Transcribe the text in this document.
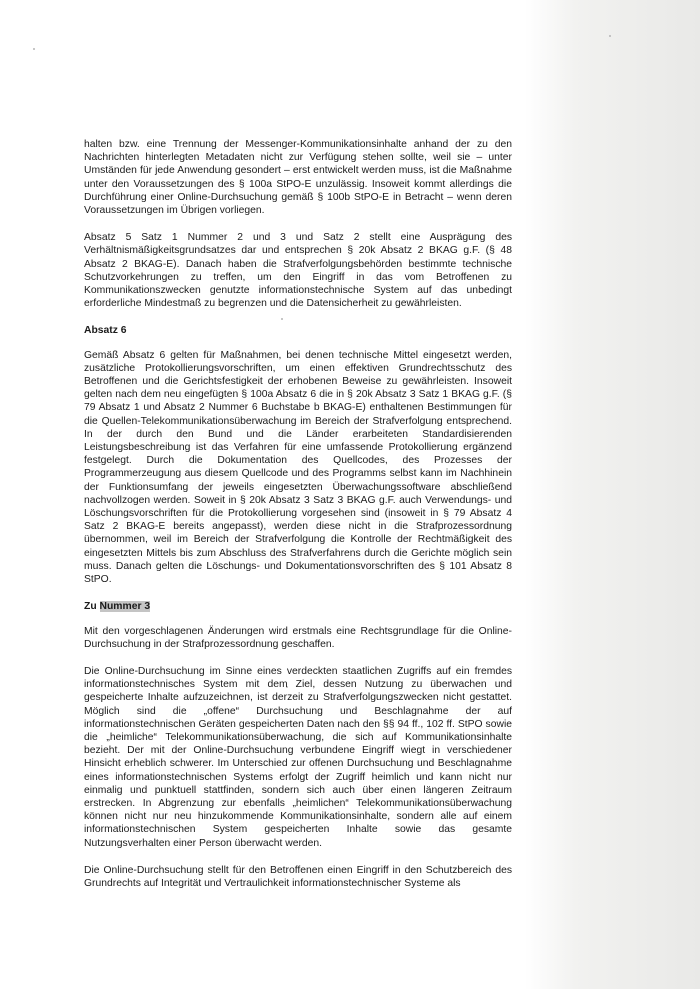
halten bzw. eine Trennung der Messenger-Kommunikationsinhalte anhand der zu den Nachrichten hinterlegten Metadaten nicht zur Verfügung stehen sollte, weil sie – unter Umständen für jede Anwendung gesondert – erst entwickelt werden muss, ist die Maßnahme unter den Voraussetzungen des § 100a StPO-E unzulässig. Insoweit kommt allerdings die Durchführung einer Online-Durchsuchung gemäß § 100b StPO-E in Betracht – wenn deren Voraussetzungen im Übrigen vorliegen.

Absatz 5 Satz 1 Nummer 2 und 3 und Satz 2 stellt eine Ausprägung des Verhältnismäßigkeitsgrundsatzes dar und entsprechen § 20k Absatz 2 BKAG g.F. (§ 48 Absatz 2 BKAG-E). Danach haben die Strafverfolgungsbehörden bestimmte technische Schutzvorkehrungen zu treffen, um den Eingriff in das vom Betroffenen zu Kommunikationszwecken genutzte informationstechnische System auf das unbedingt erforderliche Mindestmaß zu begrenzen und die Datensicherheit zu gewährleisten.

Absatz 6

Gemäß Absatz 6 gelten für Maßnahmen, bei denen technische Mittel eingesetzt werden, zusätzliche Protokollierungsvorschriften, um einen effektiven Grundrechtsschutz des Betroffenen und die Gerichtsfestigkeit der erhobenen Beweise zu gewährleisten. Insoweit gelten nach dem neu eingefügten § 100a Absatz 6 die in § 20k Absatz 3 Satz 1 BKAG g.F. (§ 79 Absatz 1 und Absatz 2 Nummer 6 Buchstabe b BKAG-E) enthaltenen Bestimmungen für die Quellen-Telekommunikationsüberwachung im Bereich der Strafverfolgung entsprechend. In der durch den Bund und die Länder erarbeiteten Standardisierenden Leistungsbeschreibung ist das Verfahren für eine umfassende Protokollierung ergänzend festgelegt. Durch die Dokumentation des Quellcodes, des Prozesses der Programmerzeugung aus diesem Quellcode und des Programms selbst kann im Nachhinein der Funktionsumfang der jeweils eingesetzten Überwachungssoftware abschließend nachvollzogen werden. Soweit in § 20k Absatz 3 Satz 3 BKAG g.F. auch Verwendungs- und Löschungsvorschriften für die Protokollierung vorgesehen sind (insoweit in § 79 Absatz 4 Satz 2 BKAG-E bereits angepasst), werden diese nicht in die Strafprozessordnung übernommen, weil im Bereich der Strafverfolgung die Kontrolle der Rechtmäßigkeit des eingesetzten Mittels bis zum Abschluss des Strafverfahrens durch die Gerichte möglich sein muss. Danach gelten die Löschungs- und Dokumentationsvorschriften des § 101 Absatz 8 StPO.

Zu Nummer 3

Mit den vorgeschlagenen Änderungen wird erstmals eine Rechtsgrundlage für die Online-Durchsuchung in der Strafprozessordnung geschaffen.

Die Online-Durchsuchung im Sinne eines verdeckten staatlichen Zugriffs auf ein fremdes informationstechnisches System mit dem Ziel, dessen Nutzung zu überwachen und gespeicherte Inhalte aufzuzeichnen, ist derzeit zu Strafverfolgungszwecken nicht gestattet. Möglich sind die „offene“ Durchsuchung und Beschlagnahme der auf informationstechnischen Geräten gespeicherten Daten nach den §§ 94 ff., 102 ff. StPO sowie die „heimliche“ Telekommunikationsüberwachung, die sich auf Kommunikationsinhalte bezieht. Der mit der Online-Durchsuchung verbundene Eingriff wiegt in verschiedener Hinsicht erheblich schwerer. Im Unterschied zur offenen Durchsuchung und Beschlagnahme eines informationstechnischen Systems erfolgt der Zugriff heimlich und kann nicht nur einmalig und punktuell stattfinden, sondern sich auch über einen längeren Zeitraum erstrecken. In Abgrenzung zur ebenfalls „heimlichen“ Telekommunikationsüberwachung können nicht nur neu hinzukommende Kommunikationsinhalte, sondern alle auf einem informationstechnischen System gespeicherten Inhalte sowie das gesamte Nutzungsverhalten einer Person überwacht werden.

Die Online-Durchsuchung stellt für den Betroffenen einen Eingriff in den Schutzbereich des Grundrechts auf Integrität und Vertraulichkeit informationstechnischer Systeme als
